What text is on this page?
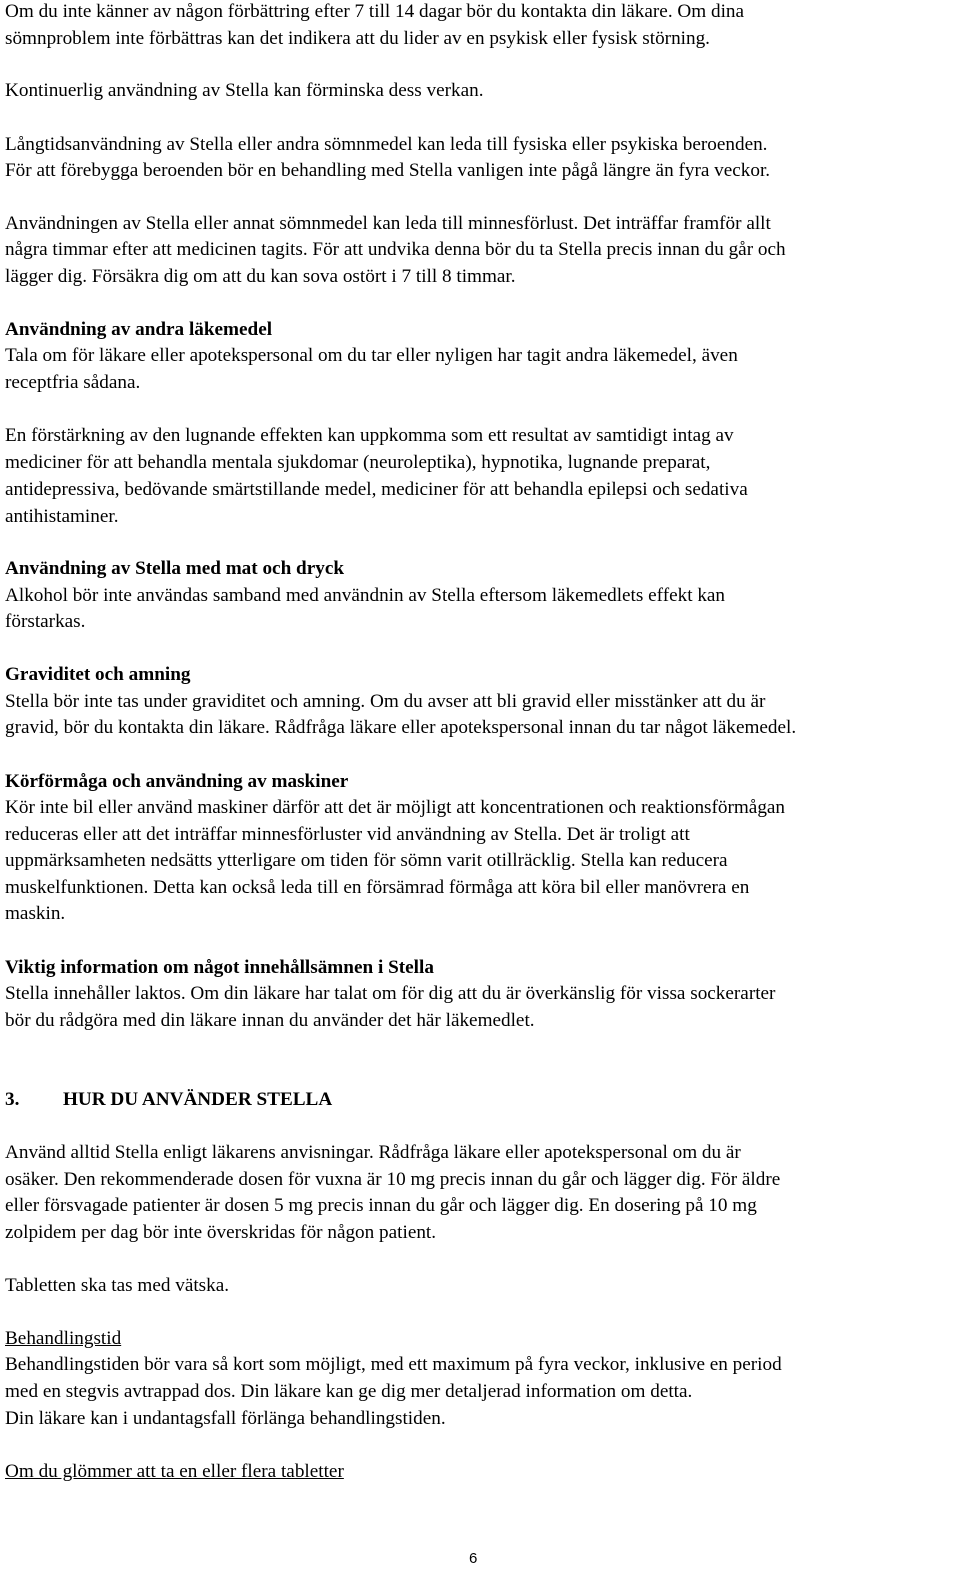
Om du inte känner av någon förbättring efter 7 till 14 dagar bör du kontakta din läkare. Om dina
sömnproblem inte förbättras kan det indikera att du lider av en psykisk eller fysisk störning.
Kontinuerlig användning av Stella kan förminska dess verkan.
Långtidsanvändning av Stella eller andra sömnmedel kan leda till fysiska eller psykiska beroenden.
För att förebygga beroenden bör en behandling med Stella vanligen inte pågå längre än fyra veckor.
Användningen av Stella eller annat sömnmedel kan leda till minnesförlust. Det inträffar framför allt
några timmar efter att medicinen tagits. För att undvika denna bör du ta Stella precis innan du går och
lägger dig. Försäkra dig om att du kan sova ostört i 7 till 8 timmar.
Användning av andra läkemedel
Tala om för läkare eller apotekspersonal om du tar eller nyligen har tagit andra läkemedel, även
receptfria sådana.
En förstärkning av den lugnande effekten kan uppkomma som ett resultat av samtidigt intag av
mediciner för att behandla mentala sjukdomar (neuroleptika), hypnotika, lugnande preparat,
antidepressiva, bedövande smärtstillande medel, mediciner för att behandla epilepsi och sedativa
antihistaminer.
Användning av Stella med mat och dryck
Alkohol bör inte användas samband med användnin av Stella eftersom läkemedlets effekt kan
förstarkas.
Graviditet och amning
Stella bör inte tas under graviditet och amning. Om du avser att bli gravid eller misstänker att du är
gravid, bör du kontakta din läkare. Rådfråga läkare eller apotekspersonal innan du tar något läkemedel.
Körförmåga och användning av maskiner
Kör inte bil eller använd maskiner därför att det är möjligt att koncentrationen och reaktionsförmågan
reduceras eller att det inträffar minnesförluster vid användning av Stella. Det är troligt att
uppmärksamheten nedsätts ytterligare om tiden för sömn varit otillräcklig. Stella kan reducera
muskelfunktionen. Detta kan också leda till en försämrad förmåga att köra bil eller manövrera en
maskin.
Viktig information om något innehållsämnen i Stella
Stella innehåller laktos. Om din läkare har talat om för dig att du är överkänslig för vissa sockerarter
bör du rådgöra med din läkare innan du använder det här läkemedlet.
3. HUR DU ANVÄNDER STELLA
Använd alltid Stella enligt läkarens anvisningar. Rådfråga läkare eller apotekspersonal om du är
osäker. Den rekommenderade dosen för vuxna är 10 mg precis innan du går och lägger dig. För äldre
eller försvagade patienter är dosen 5 mg precis innan du går och lägger dig. En dosering på 10 mg
zolpidem per dag bör inte överskridas för någon patient.
Tabletten ska tas med vätska.
Behandlingstid
Behandlingstiden bör vara så kort som möjligt, med ett maximum på fyra veckor, inklusive en period
med en stegvis avtrappad dos. Din läkare kan ge dig mer detaljerad information om detta.
Din läkare kan i undantagsfall förlänga behandlingstiden.
Om du glömmer att ta en eller flera tabletter
6
